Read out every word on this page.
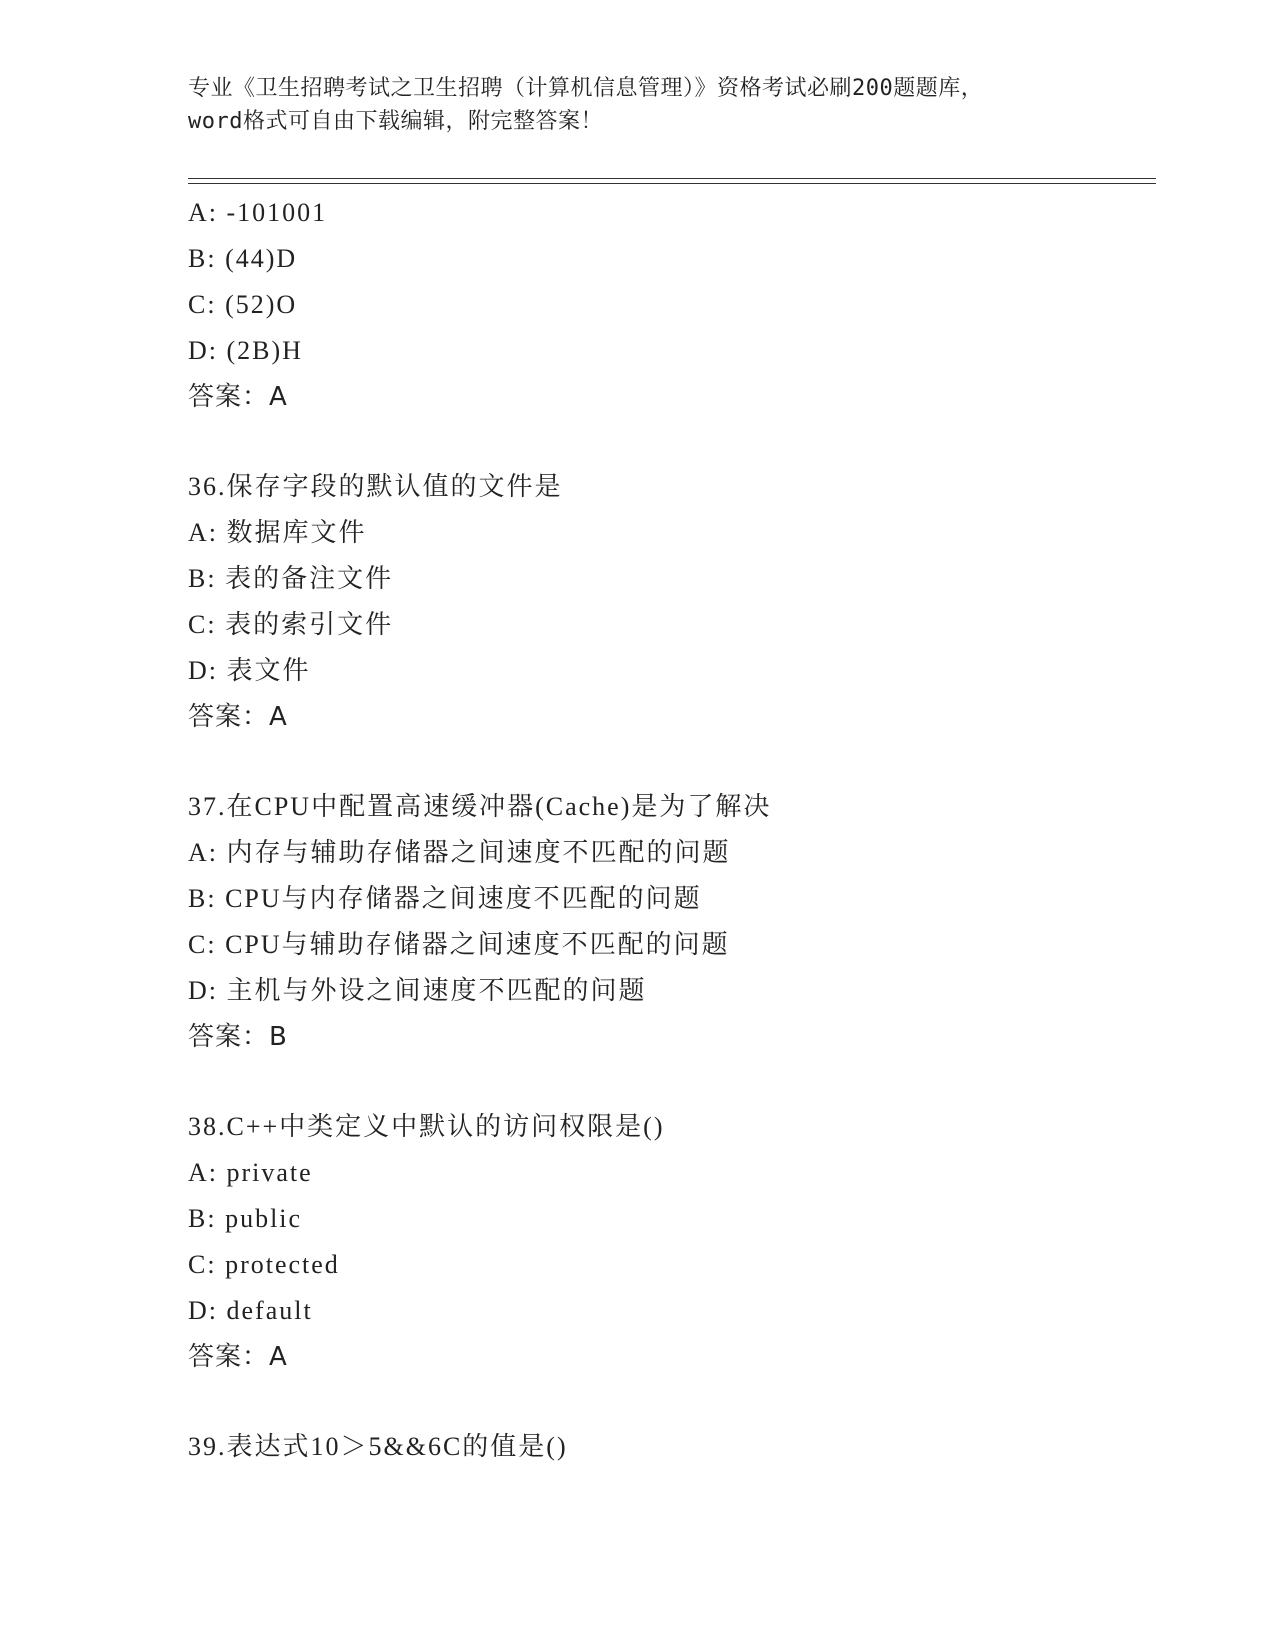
专业《卫生招聘考试之卫生招聘（计算机信息管理）》资格考试必刷200题题库，
word格式可自由下载编辑，附完整答案！
A: -101001
B: (44)D
C: (52)O
D: (2B)H
答案：A
36.保存字段的默认值的文件是
A: 数据库文件
B: 表的备注文件
C: 表的索引文件
D: 表文件
答案：A
37.在CPU中配置高速缓冲器(Cache)是为了解决
A: 内存与辅助存储器之间速度不匹配的问题
B: CPU与内存储器之间速度不匹配的问题
C: CPU与辅助存储器之间速度不匹配的问题
D: 主机与外设之间速度不匹配的问题
答案：B
38.C++中类定义中默认的访问权限是()
A: private
B: public
C: protected
D: default
答案：A
39.表达式10＞5&&6C的值是()
